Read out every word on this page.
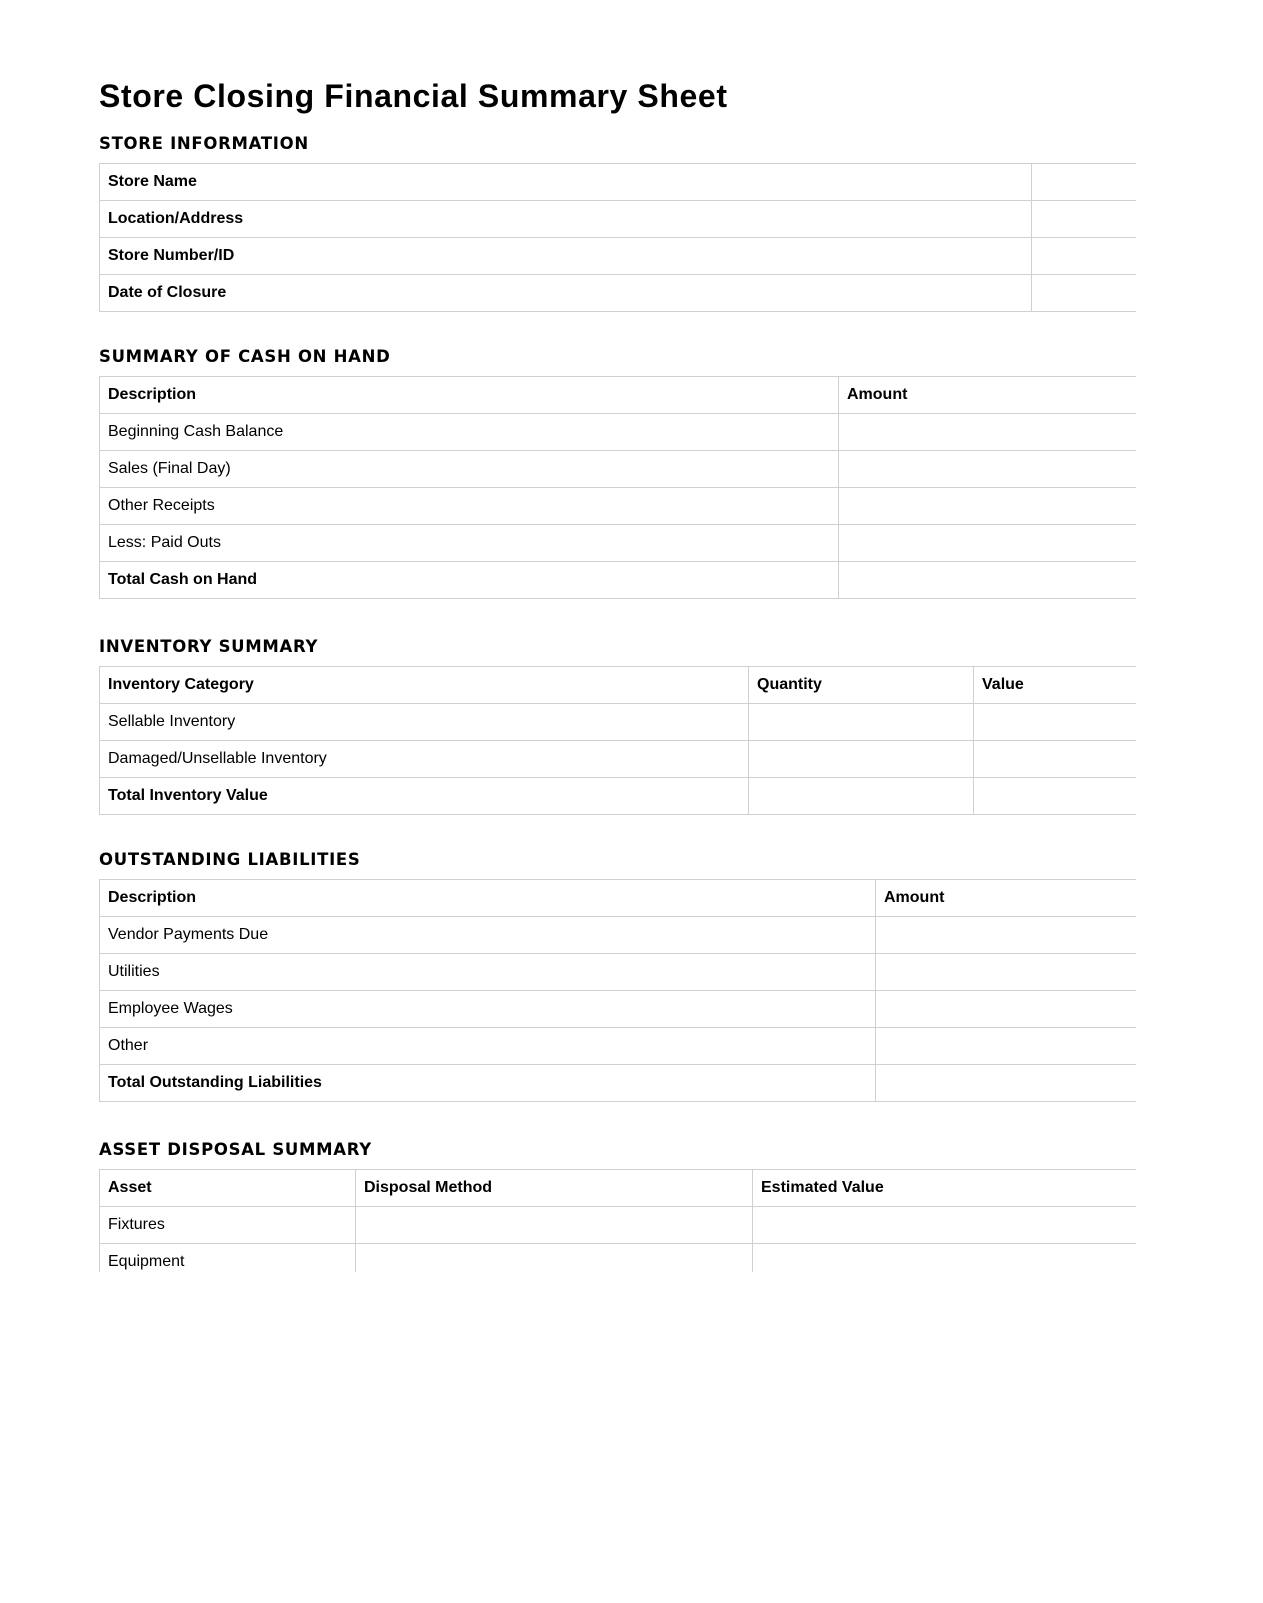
Store Closing Financial Summary Sheet
STORE INFORMATION
Store Name	
Location/Address	
Store Number/ID	
Date of Closure	
SUMMARY OF CASH ON HAND
Description	Amount
Beginning Cash Balance	
Sales (Final Day)	
Other Receipts	
Less: Paid Outs	
Total Cash on Hand	
INVENTORY SUMMARY
Inventory Category	Quantity	Value
Sellable Inventory		
Damaged/Unsellable Inventory		
Total Inventory Value		
OUTSTANDING LIABILITIES
Description	Amount
Vendor Payments Due	
Utilities	
Employee Wages	
Other	
Total Outstanding Liabilities	
ASSET DISPOSAL SUMMARY
Asset	Disposal Method	Estimated Value
Fixtures		
Equipment		
